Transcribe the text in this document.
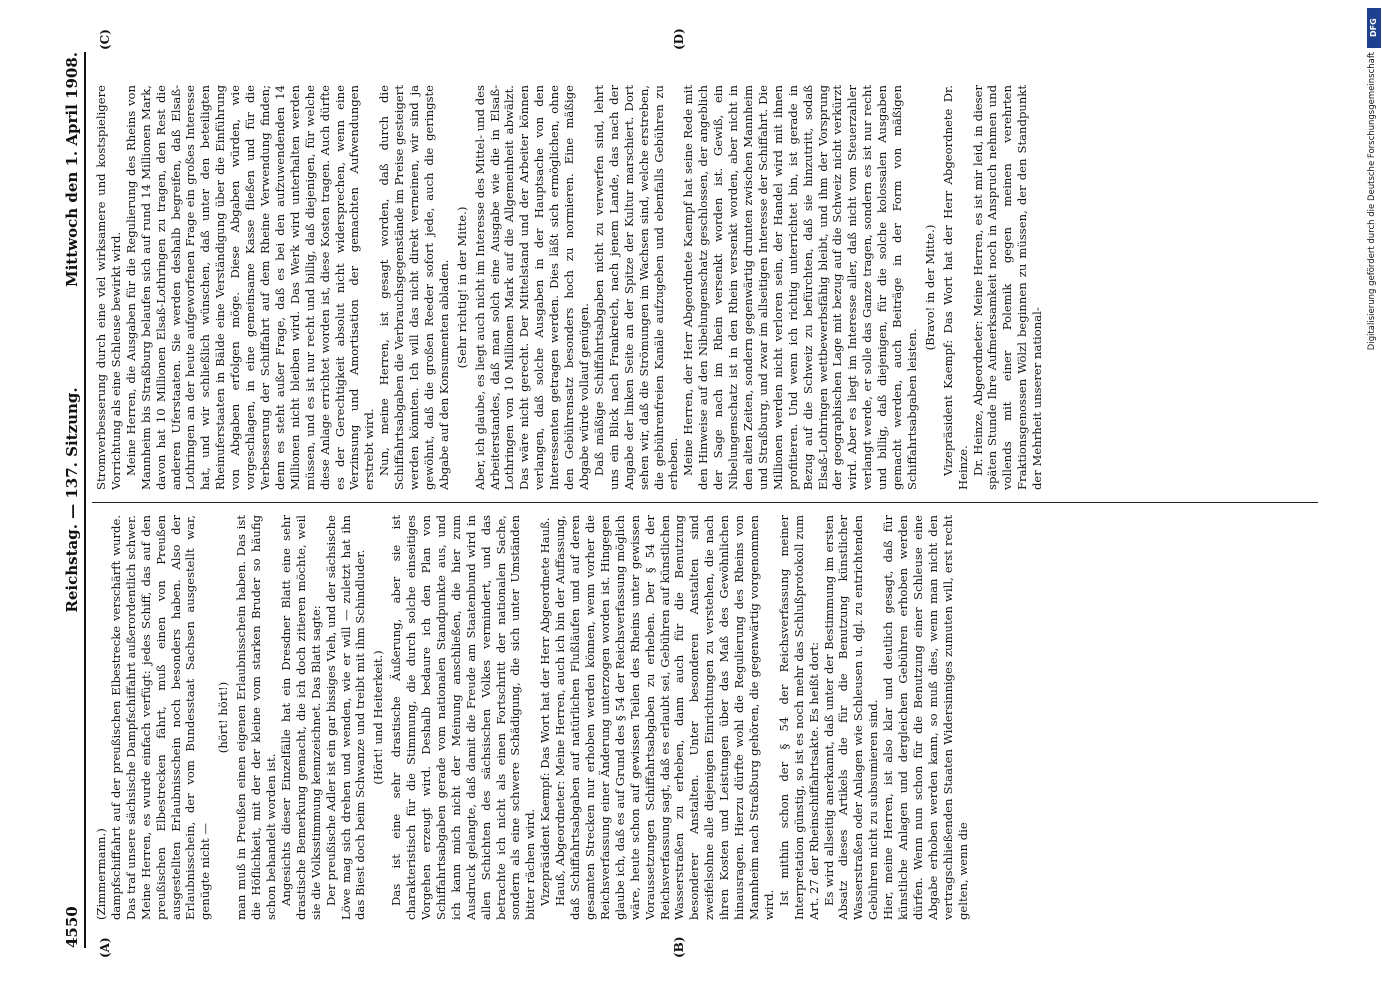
4550
Reichstag. — 137. Sitzung.
Mittwoch den 1. April 1908.
(A)	(B)
(C)	(D)

(Zimmermann.) dampfschiffahrt auf der preußischen Elbestrecke verschärft wurde. Das traf unsere sächsische Dampfschiffahrt außerordentlich schwer. Meine Herren, es wurde einfach verfügt: jedes Schiff, das auf den preußischen Elbestrecken fährt, muß einen von Preußen ausgestellten Erlaubnisschein noch besonders haben. Also der Erlaubnisschein, der vom Bundesstaat Sachsen ausgestellt war, genügte nicht —

(hört! hört!) man muß in Preußen einen eigenen Erlaubnisschein haben. Das ist die Höflichkeit, mit der der kleine vom starken Bruder so häufig schon behandelt worden ist. Angesichts dieser Einzelfälle hat ein Dresdner Blatt eine sehr drastische Bemerkung gemacht, die ich doch zitieren möchte, weil sie die Volksstimmung kennzeichnet. Das Blatt sagte: Der preußische Adler ist ein gar bissiges Vieh, und der sächsische Löwe mag sich drehen und wenden, wie er will — zuletzt hat ihn das Biest doch beim Schwanze und treibt mit ihm Schindluder. (Hört! und Heiterkeit.) Das ist eine sehr drastische Äußerung, aber sie ist charakteristisch für die Stimmung, die durch solche einseitiges Vorgehen erzeugt wird. Deshalb bedaure ich den Plan von Schiffahrtsabgaben gerade vom nationalen Standpunkte aus, und ich kann mich nicht der Meinung anschließen, die hier zum Ausdruck gelangte, daß damit die Freude am Staatenbund wird in allen Schichten des sächsischen Volkes vermindert, und das betrachte ich nicht als einen Fortschritt der nationalen Sache, sondern als eine schwere Schädigung, die sich unter Umständen bitter rächen wird. Vizepräsident Kaempf: Das Wort hat der Herr Abgeordnete Hauß. Hauß, Abgeordneter: Meine Herren, auch ich bin der Auffassung, daß Schiffahrtsabgaben auf natürlichen Flußläufen und auf deren gesamten Strecken nur erhoben werden können, wenn vorher die Reichsverfassung einer Änderung unterzogen worden ist. Hingegen glaube ich, daß es auf Grund des § 54 der Reichsverfassung möglich wäre, heute schon auf gewissen Teilen des Rheins unter gewissen Voraussetzungen Schiffahrtsabgaben zu erheben. Der § 54 der Reichsverfassung sagt, daß es erlaubt sei, Gebühren auf künstlichen Wasserstraßen zu erheben, dann auch für die Benutzung besonderer Anstalten. Unter besonderen Anstalten sind zweifelsohne alle diejenigen Einrichtungen zu verstehen, die nach ihren Kosten und Leistungen über das Maß des Gewöhnlichen hinausragen. Hierzu dürfte wohl die Regulierung des Rheins von Mannheim nach Straßburg gehören, die gegenwärtig vorgenommen wird. Ist mithin schon der § 54 der Reichsverfassung meiner Interpretation günstig, so ist es noch mehr das Schlußprotokoll zum Art. 27 der Rheinschiffahrtsakte. Es heißt dort: Es wird allseitig anerkannt, daß unter der Bestimmung im ersten Absatz dieses Artikels die für die Benutzung künstlicher Wasserstraßen oder Anlagen wie Schleusen u. dgl. zu entrichtenden Gebühren nicht zu subsumieren sind. Hier, meine Herren, ist also klar und deutlich gesagt, daß für künstliche Anlagen und dergleichen Gebühren erhoben werden dürfen. Wenn nun schon für die Benutzung einer Schleuse eine Abgabe erhoben werden kann, so muß dies, wenn man nicht den vertragschließenden Staaten Widersinniges zumuten will, erst recht gelten, wenn die

Stromverbesserung durch eine viel wirksamere und kostspieligere Vorrichtung als eine Schleuse bewirkt wird. Meine Herren, die Ausgaben für die Regulierung des Rheins von Mannheim bis Straßburg belaufen sich auf rund 14 Millionen Mark, davon hat 10 Millionen Elsaß-Lothringen zu tragen, den Rest die anderen Uferstaaten. Sie werden deshalb begreifen, daß Elsaß-Lothringen an der heute aufgeworfenen Frage ein großes Interesse hat, und wir schließlich wünschen, daß unter den beteiligten Rheinuferstaaten in Bälde eine Verständigung über die Einführung von Abgaben erfolgen möge. Diese Abgaben würden, wie vorgeschlagen, in eine gemeinsame Kasse fließen und für die Verbesserung der Schiffahrt auf dem Rheine Verwendung finden; denn es steht außer Frage, daß es bei den aufzuwendenden 14 Millionen nicht bleiben wird. Das Werk wird unterhalten werden müssen, und es ist nur recht und billig, daß diejenigen, für welche diese Anlage errichtet worden ist, diese Kosten tragen. Auch dürfte es der Gerechtigkeit absolut nicht widersprechen, wenn eine Verzinsung und Amortisation der gemachten Aufwendungen erstrebt wird. Nun, meine Herren, ist gesagt worden, daß durch die Schiffahrtsabgaben die Verbrauchsgegenstände im Preise gesteigert werden könnten. Ich will das nicht direkt verneinen, wir sind ja gewöhnt, daß die großen Reeder sofort jede, auch die geringste Abgabe auf den Konsumenten abladen. (Sehr richtig! in der Mitte.) Aber, ich glaube, es liegt auch nicht im Interesse des Mittel- und des Arbeiterstandes, daß man solch eine Ausgabe wie die in Elsaß-Lothringen von 10 Millionen Mark auf die Allgemeinheit abwälzt. Das wäre nicht gerecht. Der Mittelstand und der Arbeiter können verlangen, daß solche Ausgaben in der Hauptsache von den Interessenten getragen werden. Dies läßt sich ermöglichen, ohne den Gebührensatz besonders hoch zu normieren. Eine mäßige Abgabe würde vollauf genügen. Daß mäßige Schiffahrtsabgaben nicht zu verwerfen sind, lehrt uns ein Blick nach Frankreich, nach jenem Lande, das nach der Angabe der linken Seite an der Spitze der Kultur marschiert. Dort sehen wir, daß die Strömungen im Wachsen sind, welche erstreben, die gebührenfreien Kanäle aufzugeben und ebenfalls Gebühren zu erheben. Meine Herren, der Herr Abgeordnete Kaempf hat seine Rede mit den Hinweise auf den Nibelungenschatz geschlossen, der angeblich der Sage nach im Rhein versenkt worden ist. Gewiß, ein Nibelungenschatz ist in den Rhein versenkt worden, aber nicht in den alten Zeiten, sondern gegenwärtig drunten zwischen Mannheim und Straßburg, und zwar im allseitigen Interesse der Schiffahrt. Die Millionen werden nicht verloren sein, der Handel wird mit ihnen profitieren. Und wenn ich richtig unterrichtet bin, ist gerade in Bezug auf die Schweiz zu befürchten, daß sie hinzutritt, sodaß Elsaß-Lothringen wettbewerbsfähig bleibt, und ihm der Vorsprung der geographischen Lage mit bezug auf die Schweiz nicht verkürzt wird. Aber es liegt im Interesse aller, daß nicht vom Steuerzahler verlangt werde, er solle das Ganze tragen, sondern es ist nur recht und billig, daß diejenigen, für die solche kolossalen Ausgaben gemacht werden, auch Beiträge in der Form von mäßigen Schiffahrtsabgaben leisten.

(Bravo! in der Mitte.) Vizepräsident Kaempf: Das Wort hat der Herr Abgeordnete Dr. Heinze. Dr. Heinze, Abgeordneter: Meine Herren, es ist mir leid, in dieser späten Stunde Ihre Aufmerksamkeit noch in Anspruch nehmen und vollends mit einer Polemik gegen meinen verehrten Fraktionsgenossen Wölzl beginnen zu müssen, der den Standpunkt der Mehrheit unserer national-

DFG
Digitalisierung gefördert durch die Deutsche Forschungsgemeinschaft
